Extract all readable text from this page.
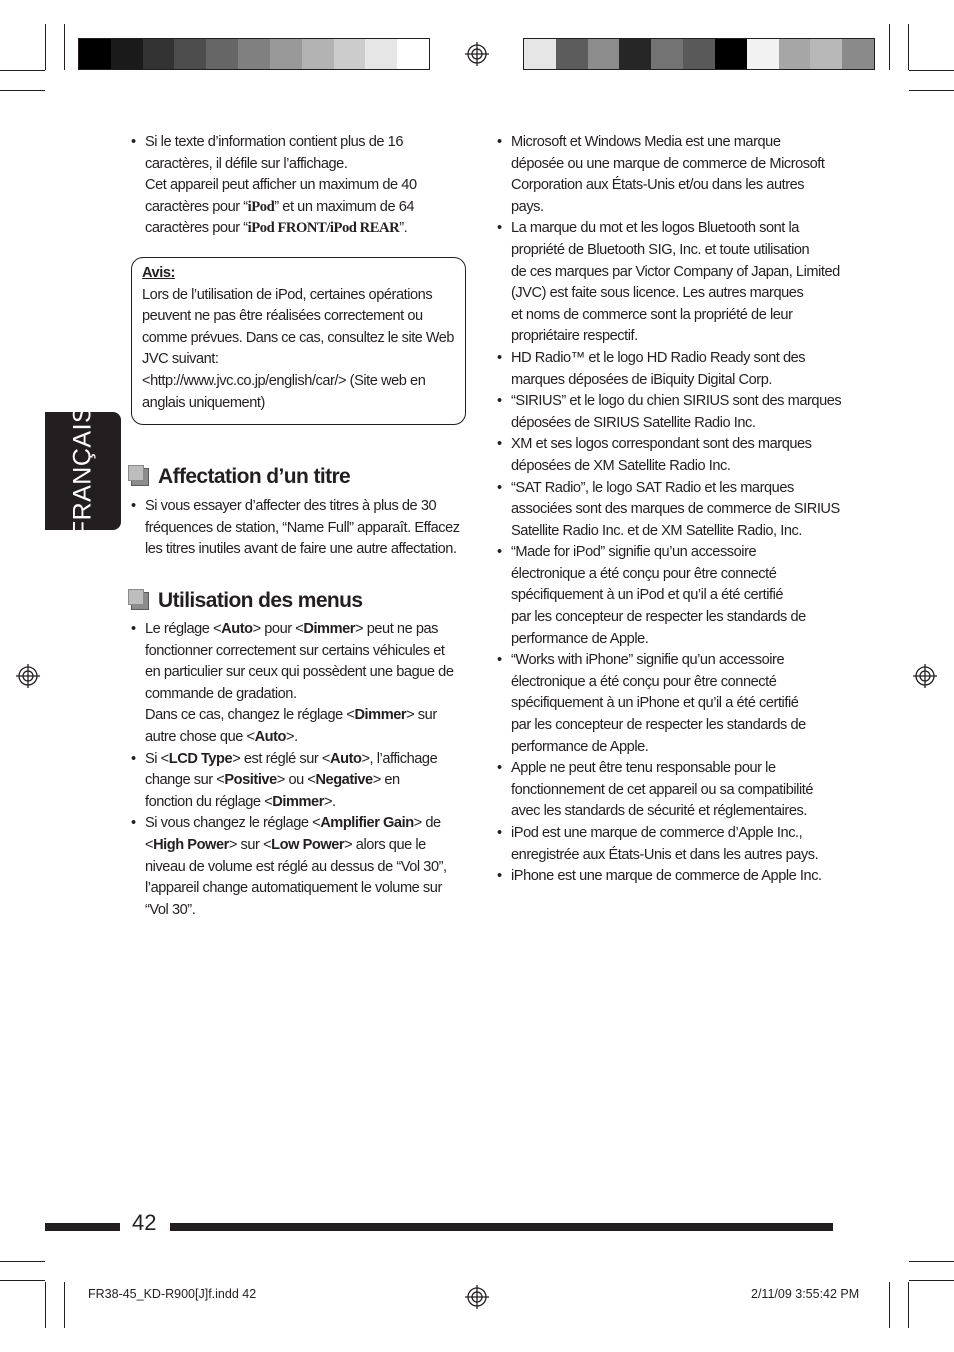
FRANÇAIS
• Si le texte d’information contient plus de 16
caractères, il défile sur l’affichage.
Cet appareil peut afficher un maximum de 40
caractères pour “iPod” et un maximum de 64
caractères pour “iPod FRONT/iPod REAR”.
Avis:
Lors de l’utilisation de iPod, certaines opérations
peuvent ne pas être réalisées correctement ou
comme prévues. Dans ce cas, consultez le site Web
JVC suivant:
<http://www.jvc.co.jp/english/car/> (Site web en
anglais uniquement)
Affectation d’un titre
• Si vous essayer d’affecter des titres à plus de 30
fréquences de station, “Name Full” apparaît. Effacez
les titres inutiles avant de faire une autre affectation.
Utilisation des menus
• Le réglage <Auto> pour <Dimmer> peut ne pas
fonctionner correctement sur certains véhicules et
en particulier sur ceux qui possèdent une bague de
commande de gradation.
Dans ce cas, changez le réglage <Dimmer> sur
autre chose que <Auto>.
• Si <LCD Type> est réglé sur <Auto>, l’affichage
change sur <Positive> ou <Negative> en
fonction du réglage <Dimmer>.
• Si vous changez le réglage <Amplifier Gain> de
<High Power> sur <Low Power> alors que le
niveau de volume est réglé au dessus de “Vol 30”,
l’appareil change automatiquement le volume sur
“Vol 30”.
• Microsoft et Windows Media est une marque
déposée ou une marque de commerce de Microsoft
Corporation aux États-Unis et/ou dans les autres
pays.
• La marque du mot et les logos Bluetooth sont la
propriété de Bluetooth SIG, Inc. et toute utilisation
de ces marques par Victor Company of Japan, Limited
(JVC) est faite sous licence. Les autres marques
et noms de commerce sont la propriété de leur
propriétaire respectif.
• HD Radio™ et le logo HD Radio Ready sont des
marques déposées de iBiquity Digital Corp.
• “SIRIUS” et le logo du chien SIRIUS sont des marques
déposées de SIRIUS Satellite Radio Inc.
• XM et ses logos correspondant sont des marques
déposées de XM Satellite Radio Inc.
• “SAT Radio”, le logo SAT Radio et les marques
associées sont des marques de commerce de SIRIUS
Satellite Radio Inc. et de XM Satellite Radio, Inc.
• “Made for iPod” signifie qu’un accessoire
électronique a été conçu pour être connecté
spécifiquement à un iPod et qu’il a été certifié
par les concepteur de respecter les standards de
performance de Apple.
• “Works with iPhone” signifie qu’un accessoire
électronique a été conçu pour être connecté
spécifiquement à un iPhone et qu’il a été certifié
par les concepteur de respecter les standards de
performance de Apple.
• Apple ne peut être tenu responsable pour le
fonctionnement de cet appareil ou sa compatibilité
avec les standards de sécurité et réglementaires.
• iPod est une marque de commerce d’Apple Inc.,
enregistrée aux États-Unis et dans les autres pays.
• iPhone est une marque de commerce de Apple Inc.
42
FR38-45_KD-R900[J]f.indd 42	2/11/09 3:55:42 PM
